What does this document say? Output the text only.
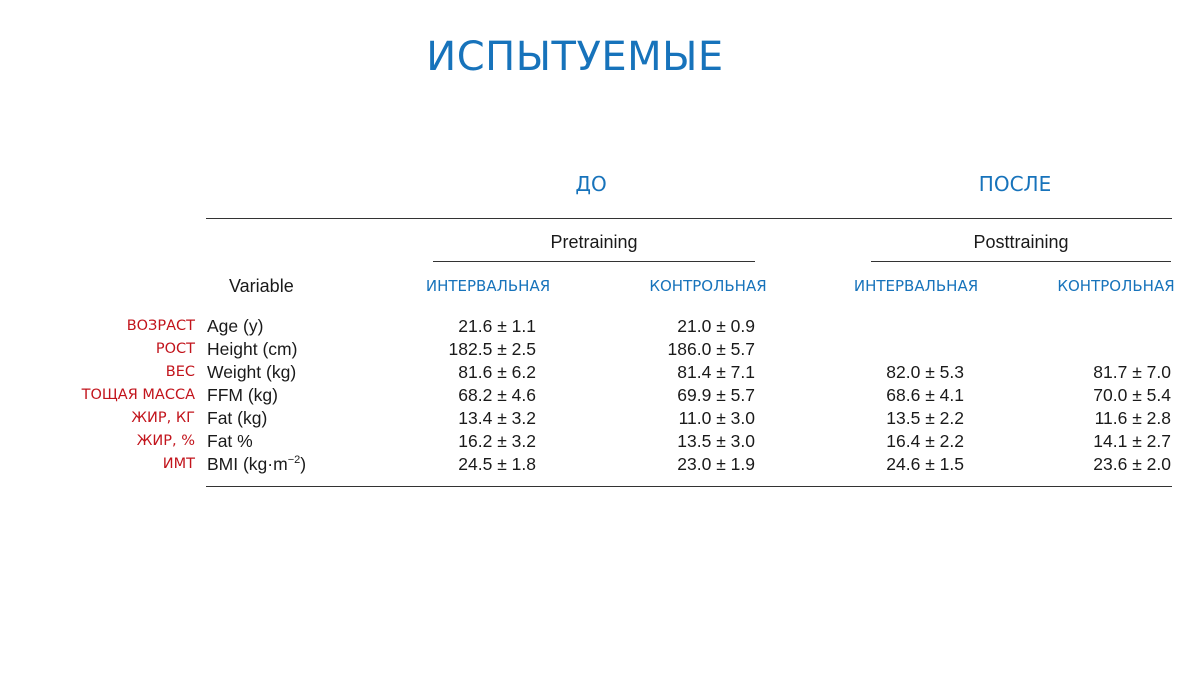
ИСПЫТУЕМЫЕ
ДО	ПОСЛЕ
Pretraining	Posttraining
Variable	ИНТЕРВАЛЬНАЯ	КОНТРОЛЬНАЯ	ИНТЕРВАЛЬНАЯ	КОНТРОЛЬНАЯ
ВОЗРАСТ Age (y)	21.6 ± 1.1	21.0 ± 0.9
РОСТ Height (cm)	182.5 ± 2.5	186.0 ± 5.7
ВЕС Weight (kg)	81.6 ± 6.2	81.4 ± 7.1	82.0 ± 5.3	81.7 ± 7.0
ТОЩАЯ МАССА FFM (kg)	68.2 ± 4.6	69.9 ± 5.7	68.6 ± 4.1	70.0 ± 5.4
ЖИР, КГ Fat (kg)	13.4 ± 3.2	11.0 ± 3.0	13.5 ± 2.2	11.6 ± 2.8
ЖИР, % Fat %	16.2 ± 3.2	13.5 ± 3.0	16.4 ± 2.2	14.1 ± 2.7
ИМТ BMI $(kg\cdot m^{-2})$	24.5 ± 1.8	23.0 ± 1.9	24.6 ± 1.5	23.6 ± 2.0
